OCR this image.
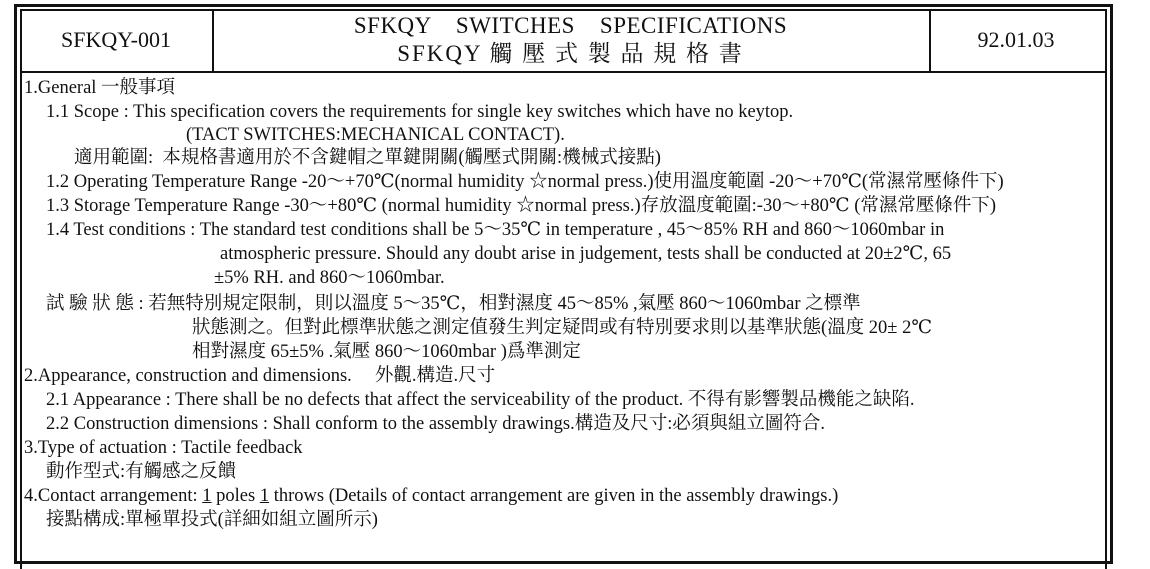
SFKQY-001
SFKQY    SWITCHES    SPECIFICATIONS
SFKQY 觸 壓 式 製 品 規 格 書
92.01.03
1.General 一般事項
1.1 Scope : This specification covers the requirements for single key switches which have no keytop.
(TACT SWITCHES:MECHANICAL CONTACT).
適用範圍:  本規格書適用於不含鍵帽之單鍵開關(觸壓式開關:機械式接點)
1.2 Operating Temperature Range -20～+70℃(normal humidity ☆normal press.)使用溫度範圍 -20～+70℃(常濕常壓條件下)
1.3 Storage Temperature Range -30～+80℃ (normal humidity ☆normal press.)存放溫度範圍:-30～+80℃ (常濕常壓條件下)
1.4 Test conditions : The standard test conditions shall be 5～35℃ in temperature , 45～85% RH and 860～1060mbar in
atmospheric pressure. Should any doubt arise in judgement, tests shall be conducted at 20±2℃, 65
±5% RH. and 860～1060mbar.
試 驗 狀 態 : 若無特別規定限制，則以溫度 5～35℃，相對濕度 45～85% ,氣壓 860～1060mbar 之標準
狀態測之。但對此標準狀態之測定值發生判定疑問或有特別要求則以基準狀態(溫度 20± 2℃
相對濕度 65±5% .氣壓 860～1060mbar )爲準測定
2.Appearance, construction and dimensions.     外觀.構造.尺寸
2.1 Appearance : There shall be no defects that affect the serviceability of the product. 不得有影響製品機能之缺陷.
2.2 Construction dimensions : Shall conform to the assembly drawings.構造及尺寸:必須與組立圖符合.
3.Type of actuation : Tactile feedback
動作型式:有觸感之反饋
4.Contact arrangement: 1 poles 1 throws (Details of contact arrangement are given in the assembly drawings.)
接點構成:單極單投式(詳細如組立圖所示)
